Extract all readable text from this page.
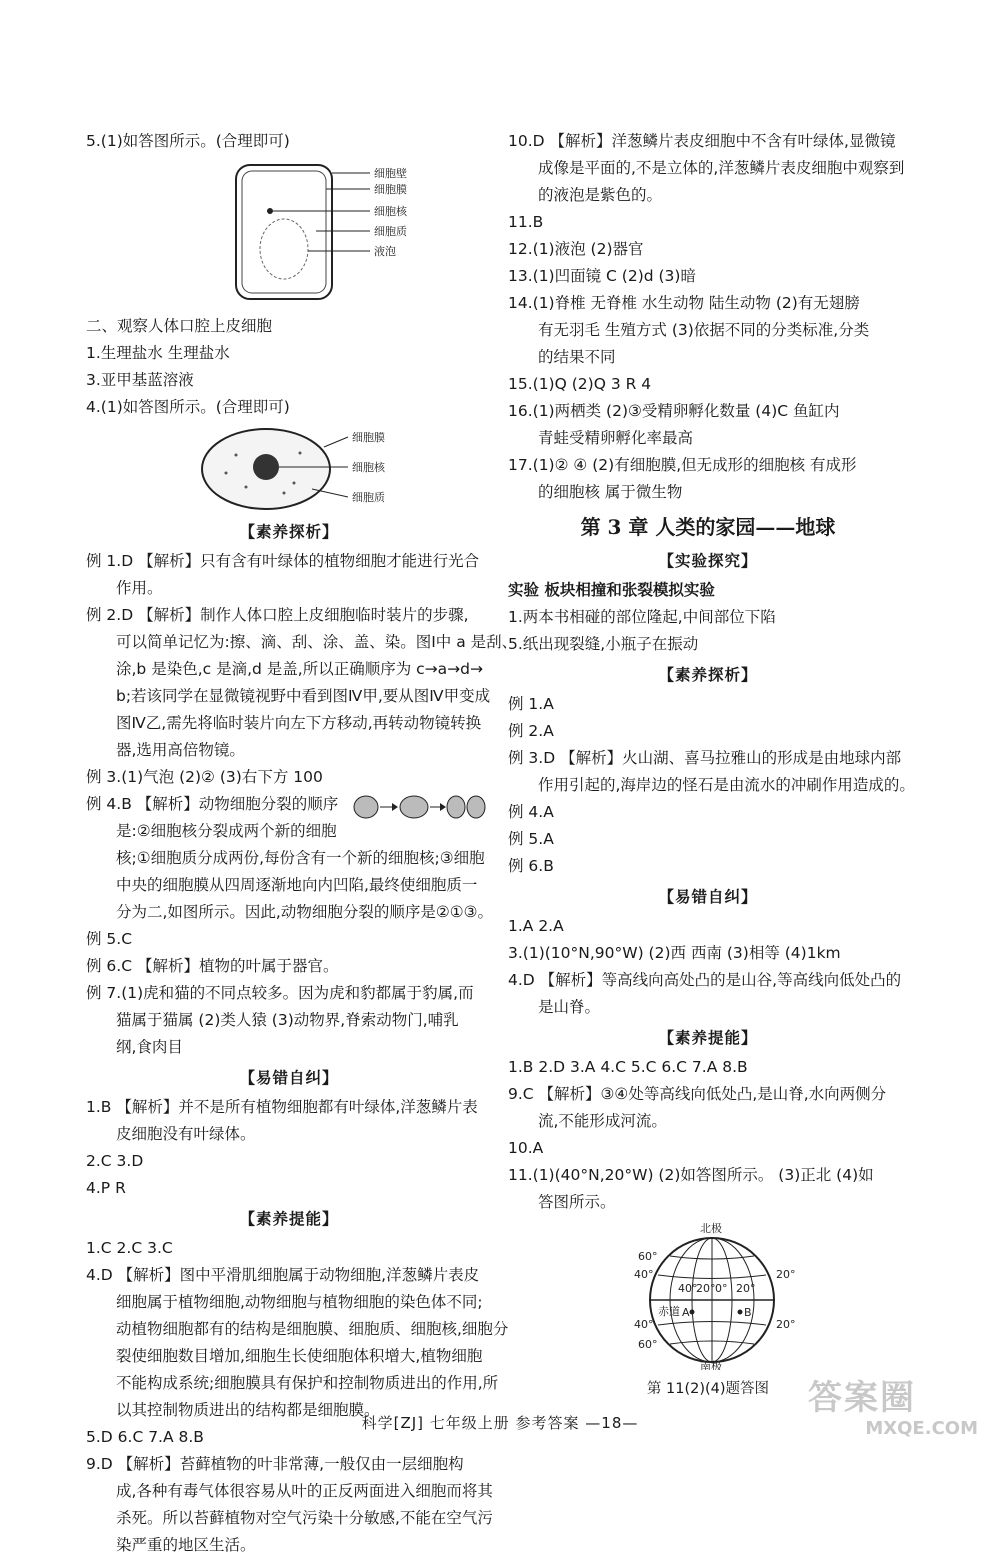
5.(1)如答图所示。(合理即可)
细胞壁
细胞膜
细胞核
细胞质
液泡
二、观察人体口腔上皮细胞
1.生理盐水 生理盐水
3.亚甲基蓝溶液
4.(1)如答图所示。(合理即可)
细胞膜
细胞核
细胞质
【素养探析】
例 1.D 【解析】只有含有叶绿体的植物细胞才能进行光合
作用。
例 2.D 【解析】制作人体口腔上皮细胞临时装片的步骤,
可以简单记忆为:擦、滴、刮、涂、盖、染。图Ⅰ中 a 是刮、
涂,b 是染色,c 是滴,d 是盖,所以正确顺序为 c→a→d→
b;若该同学在显微镜视野中看到图Ⅳ甲,要从图Ⅳ甲变成
图Ⅳ乙,需先将临时装片向左下方移动,再转动物镜转换
器,选用高倍物镜。
例 3.(1)气泡 (2)② (3)右下方 100
例 4.B 【解析】动物细胞分裂的顺序
是:②细胞核分裂成两个新的细胞
核;①细胞质分成两份,每份含有一个新的细胞核;③细胞
中央的细胞膜从四周逐渐地向内凹陷,最终使细胞质一
分为二,如图所示。因此,动物细胞分裂的顺序是②①③。
例 5.C
例 6.C 【解析】植物的叶属于器官。
例 7.(1)虎和猫的不同点较多。因为虎和豹都属于豹属,而
猫属于猫属 (2)类人猿 (3)动物界,脊索动物门,哺乳
纲,食肉目
【易错自纠】
1.B 【解析】并不是所有植物细胞都有叶绿体,洋葱鳞片表
皮细胞没有叶绿体。
2.C 3.D
4.P R
【素养提能】
1.C 2.C 3.C
4.D 【解析】图中平滑肌细胞属于动物细胞,洋葱鳞片表皮
细胞属于植物细胞,动物细胞与植物细胞的染色体不同;
动植物细胞都有的结构是细胞膜、细胞质、细胞核,细胞分
裂使细胞数目增加,细胞生长使细胞体积增大,植物细胞
不能构成系统;细胞膜具有保护和控制物质进出的作用,所
以其控制物质进出的结构都是细胞膜。
5.D 6.C 7.A 8.B
9.D 【解析】苔藓植物的叶非常薄,一般仅由一层细胞构
成,各种有毒气体很容易从叶的正反两面进入细胞而将其
杀死。所以苔藓植物对空气污染十分敏感,不能在空气污
染严重的地区生活。
10.D 【解析】洋葱鳞片表皮细胞中不含有叶绿体,显微镜
成像是平面的,不是立体的,洋葱鳞片表皮细胞中观察到
的液泡是紫色的。
11.B
12.(1)液泡 (2)器官
13.(1)凹面镜 C (2)d (3)暗
14.(1)脊椎 无脊椎 水生动物 陆生动物 (2)有无翅膀
有无羽毛 生殖方式 (3)依据不同的分类标准,分类
的结果不同
15.(1)Q (2)Q 3 R 4
16.(1)两栖类 (2)③受精卵孵化数量 (4)C 鱼缸内
青蛙受精卵孵化率最高
17.(1)② ④ (2)有细胞膜,但无成形的细胞核 有成形
的细胞核 属于微生物
第 3 章 人类的家园——地球
【实验探究】
实验 板块相撞和张裂模拟实验
1.两本书相碰的部位隆起,中间部位下陷
5.纸出现裂缝,小瓶子在振动
【素养探析】
例 1.A
例 2.A
例 3.D 【解析】火山湖、喜马拉雅山的形成是由地球内部
作用引起的,海岸边的怪石是由流水的冲刷作用造成的。
例 4.A
例 5.A
例 6.B
【易错自纠】
1.A 2.A
3.(1)(10°N,90°W) (2)西 西南 (3)相等 (4)1km
4.D 【解析】等高线向高处凸的是山谷,等高线向低处凸的
是山脊。
【素养提能】
1.B 2.D 3.A 4.C 5.C 6.C 7.A 8.B
9.C 【解析】③④处等高线向低处凸,是山脊,水向两侧分
流,不能形成河流。
10.A
11.(1)(40°N,20°W) (2)如答图所示。 (3)正北 (4)如
答图所示。
北极
60°
40°	20°
20°
40°
60°
40°
20° 0° 20°
A	B
赤道
南极
第 11(2)(4)题答图
科学[ZJ] 七年级上册 参考答案 —18—
答案圈
MXQE.COM
